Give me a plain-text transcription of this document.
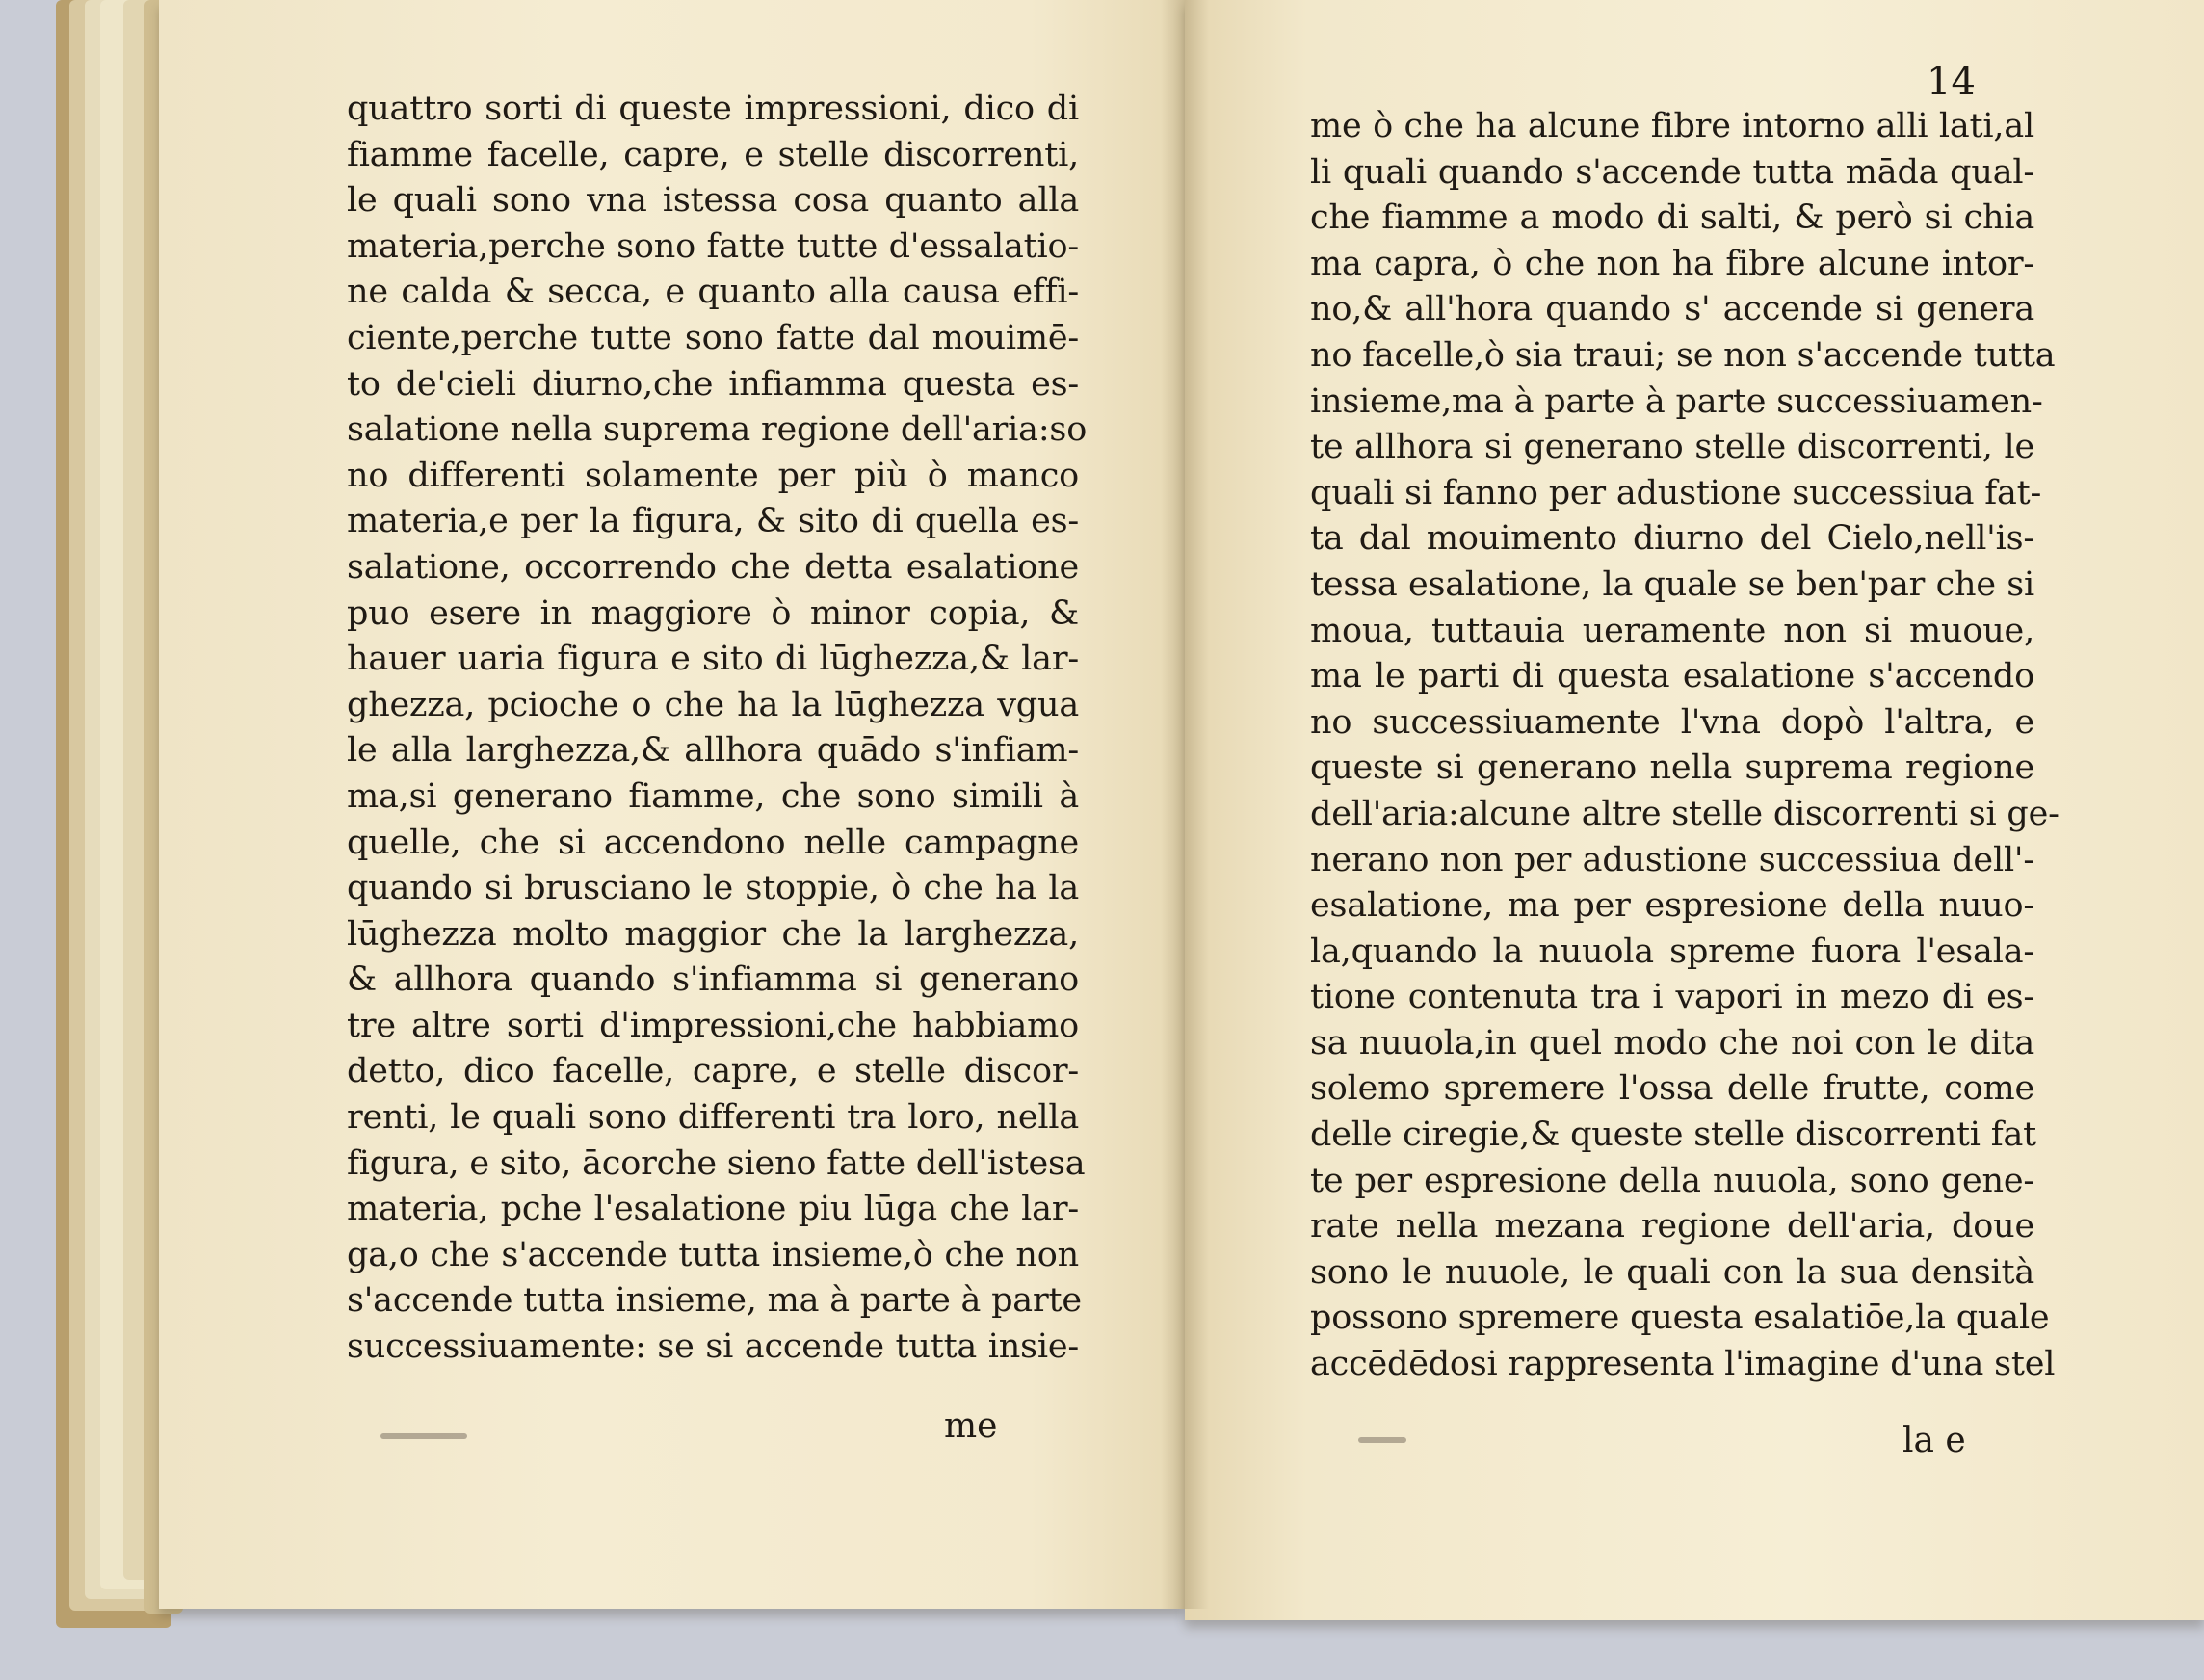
quattro sorti di queste impressioni, dico di
fiamme facelle, capre, e stelle discorrenti,
le quali sono vna istessa cosa quanto alla
materia,perche sono fatte tutte d'essalatio-
ne calda & secca, e quanto alla causa effi-
ciente,perche tutte sono fatte dal mouimē-
to de'cieli diurno,che infiamma questa es-
salatione nella suprema regione dell'aria:so
no differenti solamente per più ò manco
materia,e per la figura, & sito di quella es-
salatione, occorrendo che detta esalatione
puo esere in maggiore ò minor copia, &
hauer uaria figura e sito di lūghezza,& lar-
ghezza, pcioche o che ha la lūghezza vgua
le alla larghezza,& allhora quādo s'infiam-
ma,si generano fiamme, che sono simili à
quelle, che si accendono nelle campagne
quando si brusciano le stoppie, ò che ha la
lūghezza molto maggior che la larghezza,
& allhora quando s'infiamma si generano
tre altre sorti d'impressioni,che habbiamo
detto, dico facelle, capre, e stelle discor-
renti, le quali sono differenti tra loro, nella
figura, e sito, ācorche sieno fatte dell'istesa
materia, pche l'esalatione piu lūga che lar-
ga,o che s'accende tutta insieme,ò che non
s'accende tutta insieme, ma à parte à parte
successiuamente: se si accende tutta insie-
me ò che ha alcune fibre intorno alli lati,al
li quali quando s'accende tutta māda qual-
che fiamme a modo di salti, & però si chia
ma capra, ò che non ha fibre alcune intor-
no,& all'hora quando s' accende si genera
no facelle,ò sia traui; se non s'accende tutta
insieme,ma à parte à parte successiuamen-
te allhora si generano stelle discorrenti, le
quali si fanno per adustione successiua fat-
ta dal mouimento diurno del Cielo,nell'is-
tessa esalatione, la quale se ben'par che si
moua, tuttauia ueramente non si muoue,
ma le parti di questa esalatione s'accendo
no successiuamente l'vna dopò l'altra, e
queste si generano nella suprema regione
dell'aria:alcune altre stelle discorrenti si ge-
nerano non per adustione successiua dell'-
esalatione, ma per espresione della nuuo-
la,quando la nuuola spreme fuora l'esala-
tione contenuta tra i vapori in mezo di es-
sa nuuola,in quel modo che noi con le dita
solemo spremere l'ossa delle frutte, come
delle ciregie,& queste stelle discorrenti fat
te per espresione della nuuola, sono gene-
rate nella mezana regione dell'aria, doue
sono le nuuole, le quali con la sua densità
possono spremere questa esalatiōe,la quale
accēdēdosi rappresenta l'imagine d'una stel
14
me	la e
